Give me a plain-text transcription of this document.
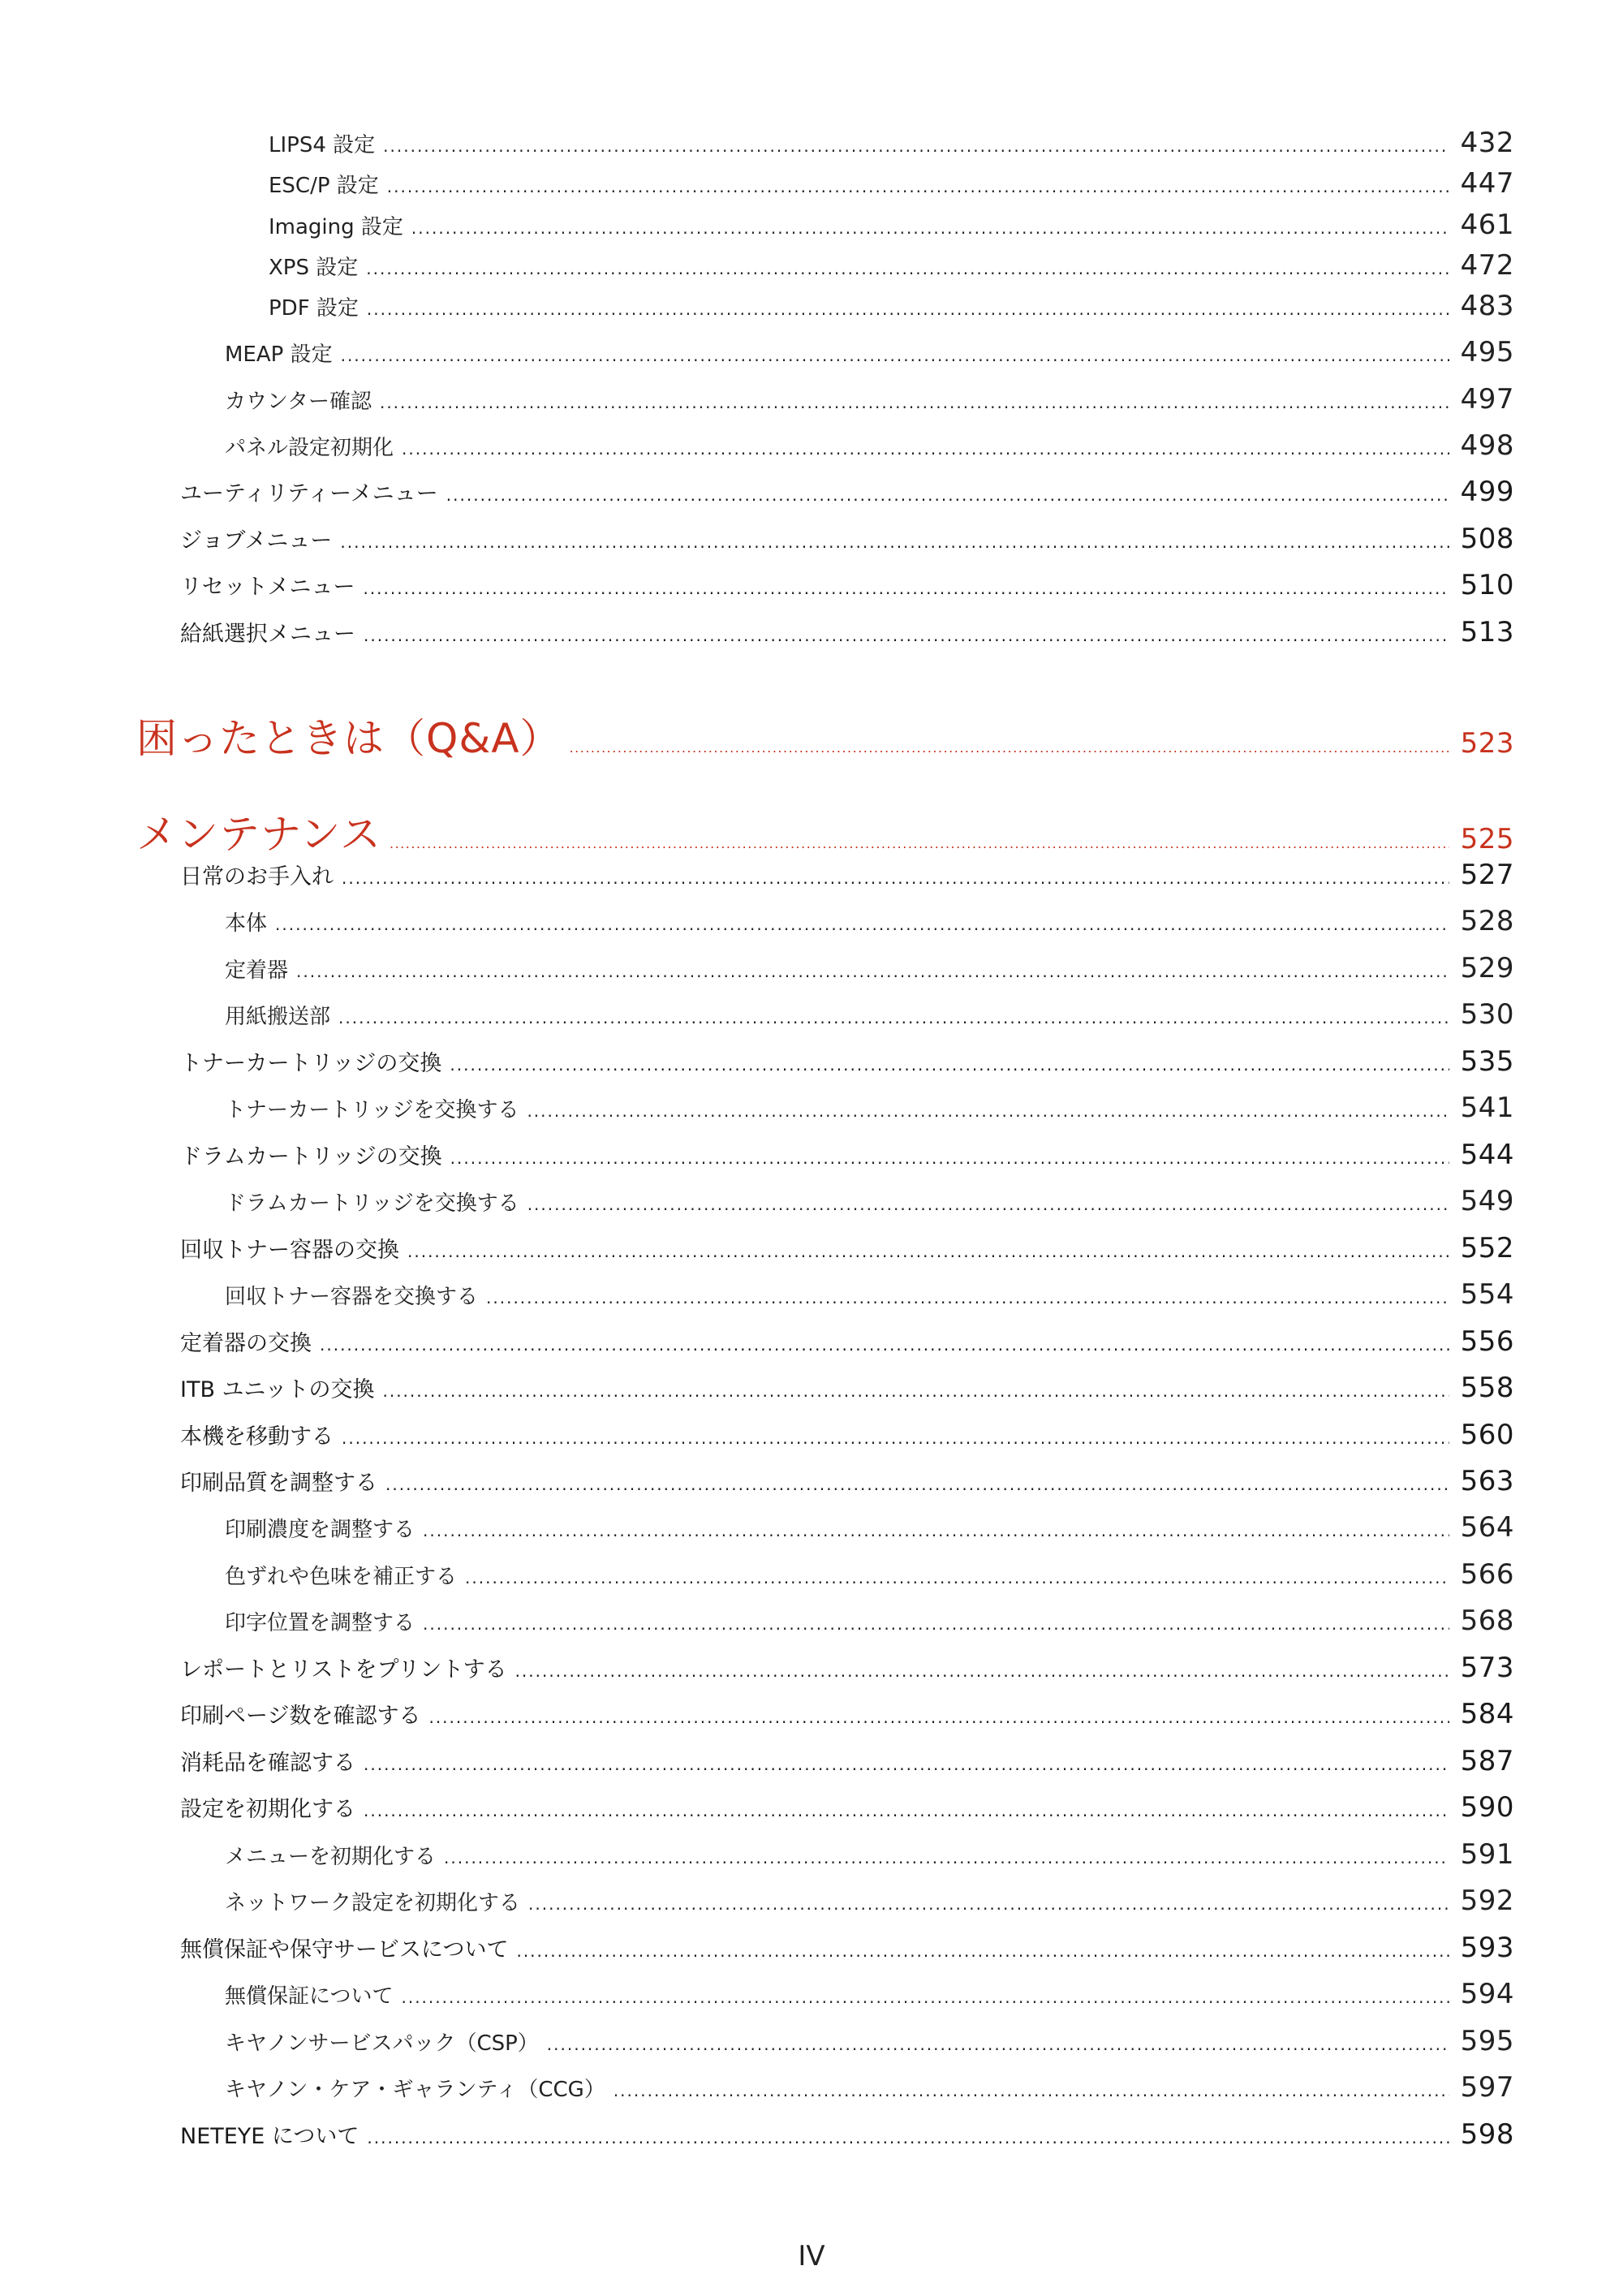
LIPS4 設定 .....	432
ESC/P 設定 .....	447
Imaging 設定 .....	461
XPS 設定 .....	472
PDF 設定 .....	483
MEAP 設定 .....	495
カウンター確認 .....	497
パネル設定初期化 .....	498
ユーティリティーメニュー .....	499
ジョブメニュー .....	508
リセットメニュー .....	510
給紙選択メニュー .....	513
困ったときは（Q&A） .....	523
メンテナンス .....	525
日常のお手入れ .....	527
本体 .....	528
定着器 .....	529
用紙搬送部 .....	530
トナーカートリッジの交換 .....	535
トナーカートリッジを交換する .....	541
ドラムカートリッジの交換 .....	544
ドラムカートリッジを交換する .....	549
回収トナー容器の交換 .....	552
回収トナー容器を交換する .....	554
定着器の交換 .....	556
ITB ユニットの交換 .....	558
本機を移動する .....	560
印刷品質を調整する .....	563
印刷濃度を調整する .....	564
色ずれや色味を補正する .....	566
印字位置を調整する .....	568
レポートとリストをプリントする .....	573
印刷ページ数を確認する .....	584
消耗品を確認する .....	587
設定を初期化する .....	590
メニューを初期化する .....	591
ネットワーク設定を初期化する .....	592
無償保証や保守サービスについて .....	593
無償保証について .....	594
キヤノンサービスパック（CSP） .....	595
キヤノン・ケア・ギャランティ（CCG） .....	597
NETEYE について .....	598
IV
